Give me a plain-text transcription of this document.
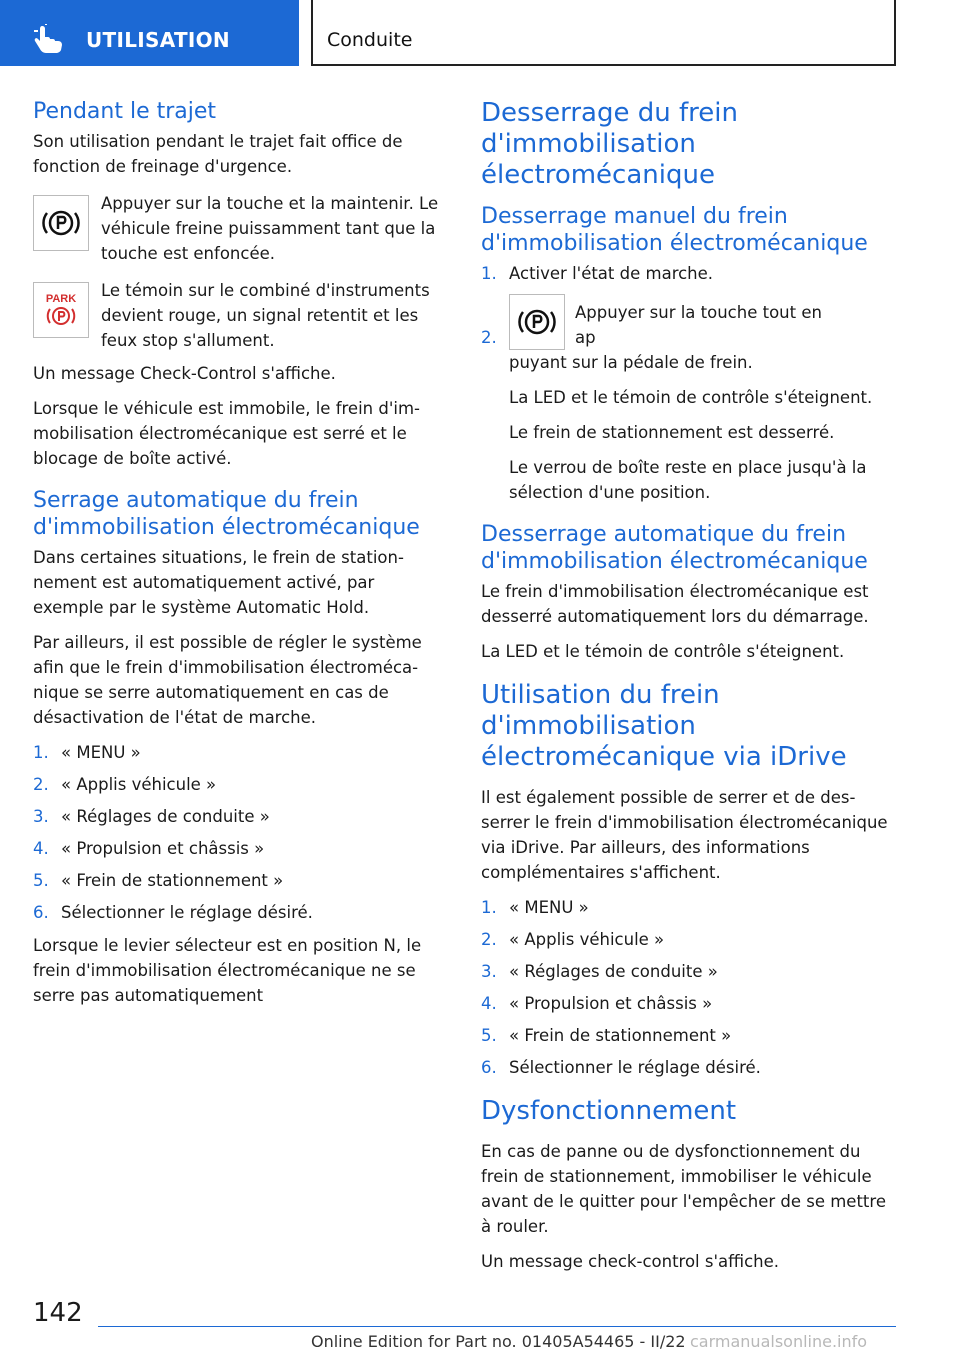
UTILISATION	Conduite
Pendant le trajet

Son utilisation pendant le trajet fait office de fonction de freinage d'urgence.

Appuyer sur la touche et la maintenir. Le véhicule freine puissamment tant que la touche est enfoncée.

PARK Le témoin sur le combiné d'instruments devient rouge, un signal retentit et les feux stop s'allument.

Un message Check-Control s'affiche.

Lorsque le véhicule est immobile, le frein d'immobilisation électromécanique est serré et le blocage de boîte activé.

Serrage automatique du frein d'immobilisation électromécanique

Dans certaines situations, le frein de stationnement est automatiquement activé, par exemple par le système Automatic Hold.

Par ailleurs, il est possible de régler le système afin que le frein d'immobilisation électromécanique se serre automatiquement en cas de désactivation de l'état de marche.

1. « MENU »
2. « Applis véhicule »
3. « Réglages de conduite »
4. « Propulsion et châssis »
5. « Frein de stationnement »
6. Sélectionner le réglage désiré.

Lorsque le levier sélecteur est en position N, le frein d'immobilisation électromécanique ne se serre pas automatiquement

Desserrage du frein d'immobilisation électromécanique
Desserrage manuel du frein d'immobilisation électromécanique
1. Activer l'état de marche.
2.
Appuyer sur la touche tout en ap

puyant sur la pédale de frein.

La LED et le témoin de contrôle s'éteignent.

Le frein de stationnement est desserré.

Le verrou de boîte reste en place jusqu'à la sélection d'une position.

Desserrage automatique du frein d'immobilisation électromécanique

Le frein d'immobilisation électromécanique est desserré automatiquement lors du démarrage.

La LED et le témoin de contrôle s'éteignent.

Utilisation du frein d'immobilisation électromécanique via iDrive

Il est également possible de serrer et de desserrer le frein d'immobilisation électromécanique via iDrive. Par ailleurs, des informations complémentaires s'affichent.

1. « MENU »
2. « Applis véhicule »
3. « Réglages de conduite »
4. « Propulsion et châssis »
5. « Frein de stationnement »
6. Sélectionner le réglage désiré.
Dysfonctionnement

En cas de panne ou de dysfonctionnement du frein de stationnement, immobiliser le véhicule avant de le quitter pour l'empêcher de se mettre à rouler.

Un message check-control s'affiche.

142
Online Edition for Part no. 01405A54465 - II/22 carmanualsonline.info
